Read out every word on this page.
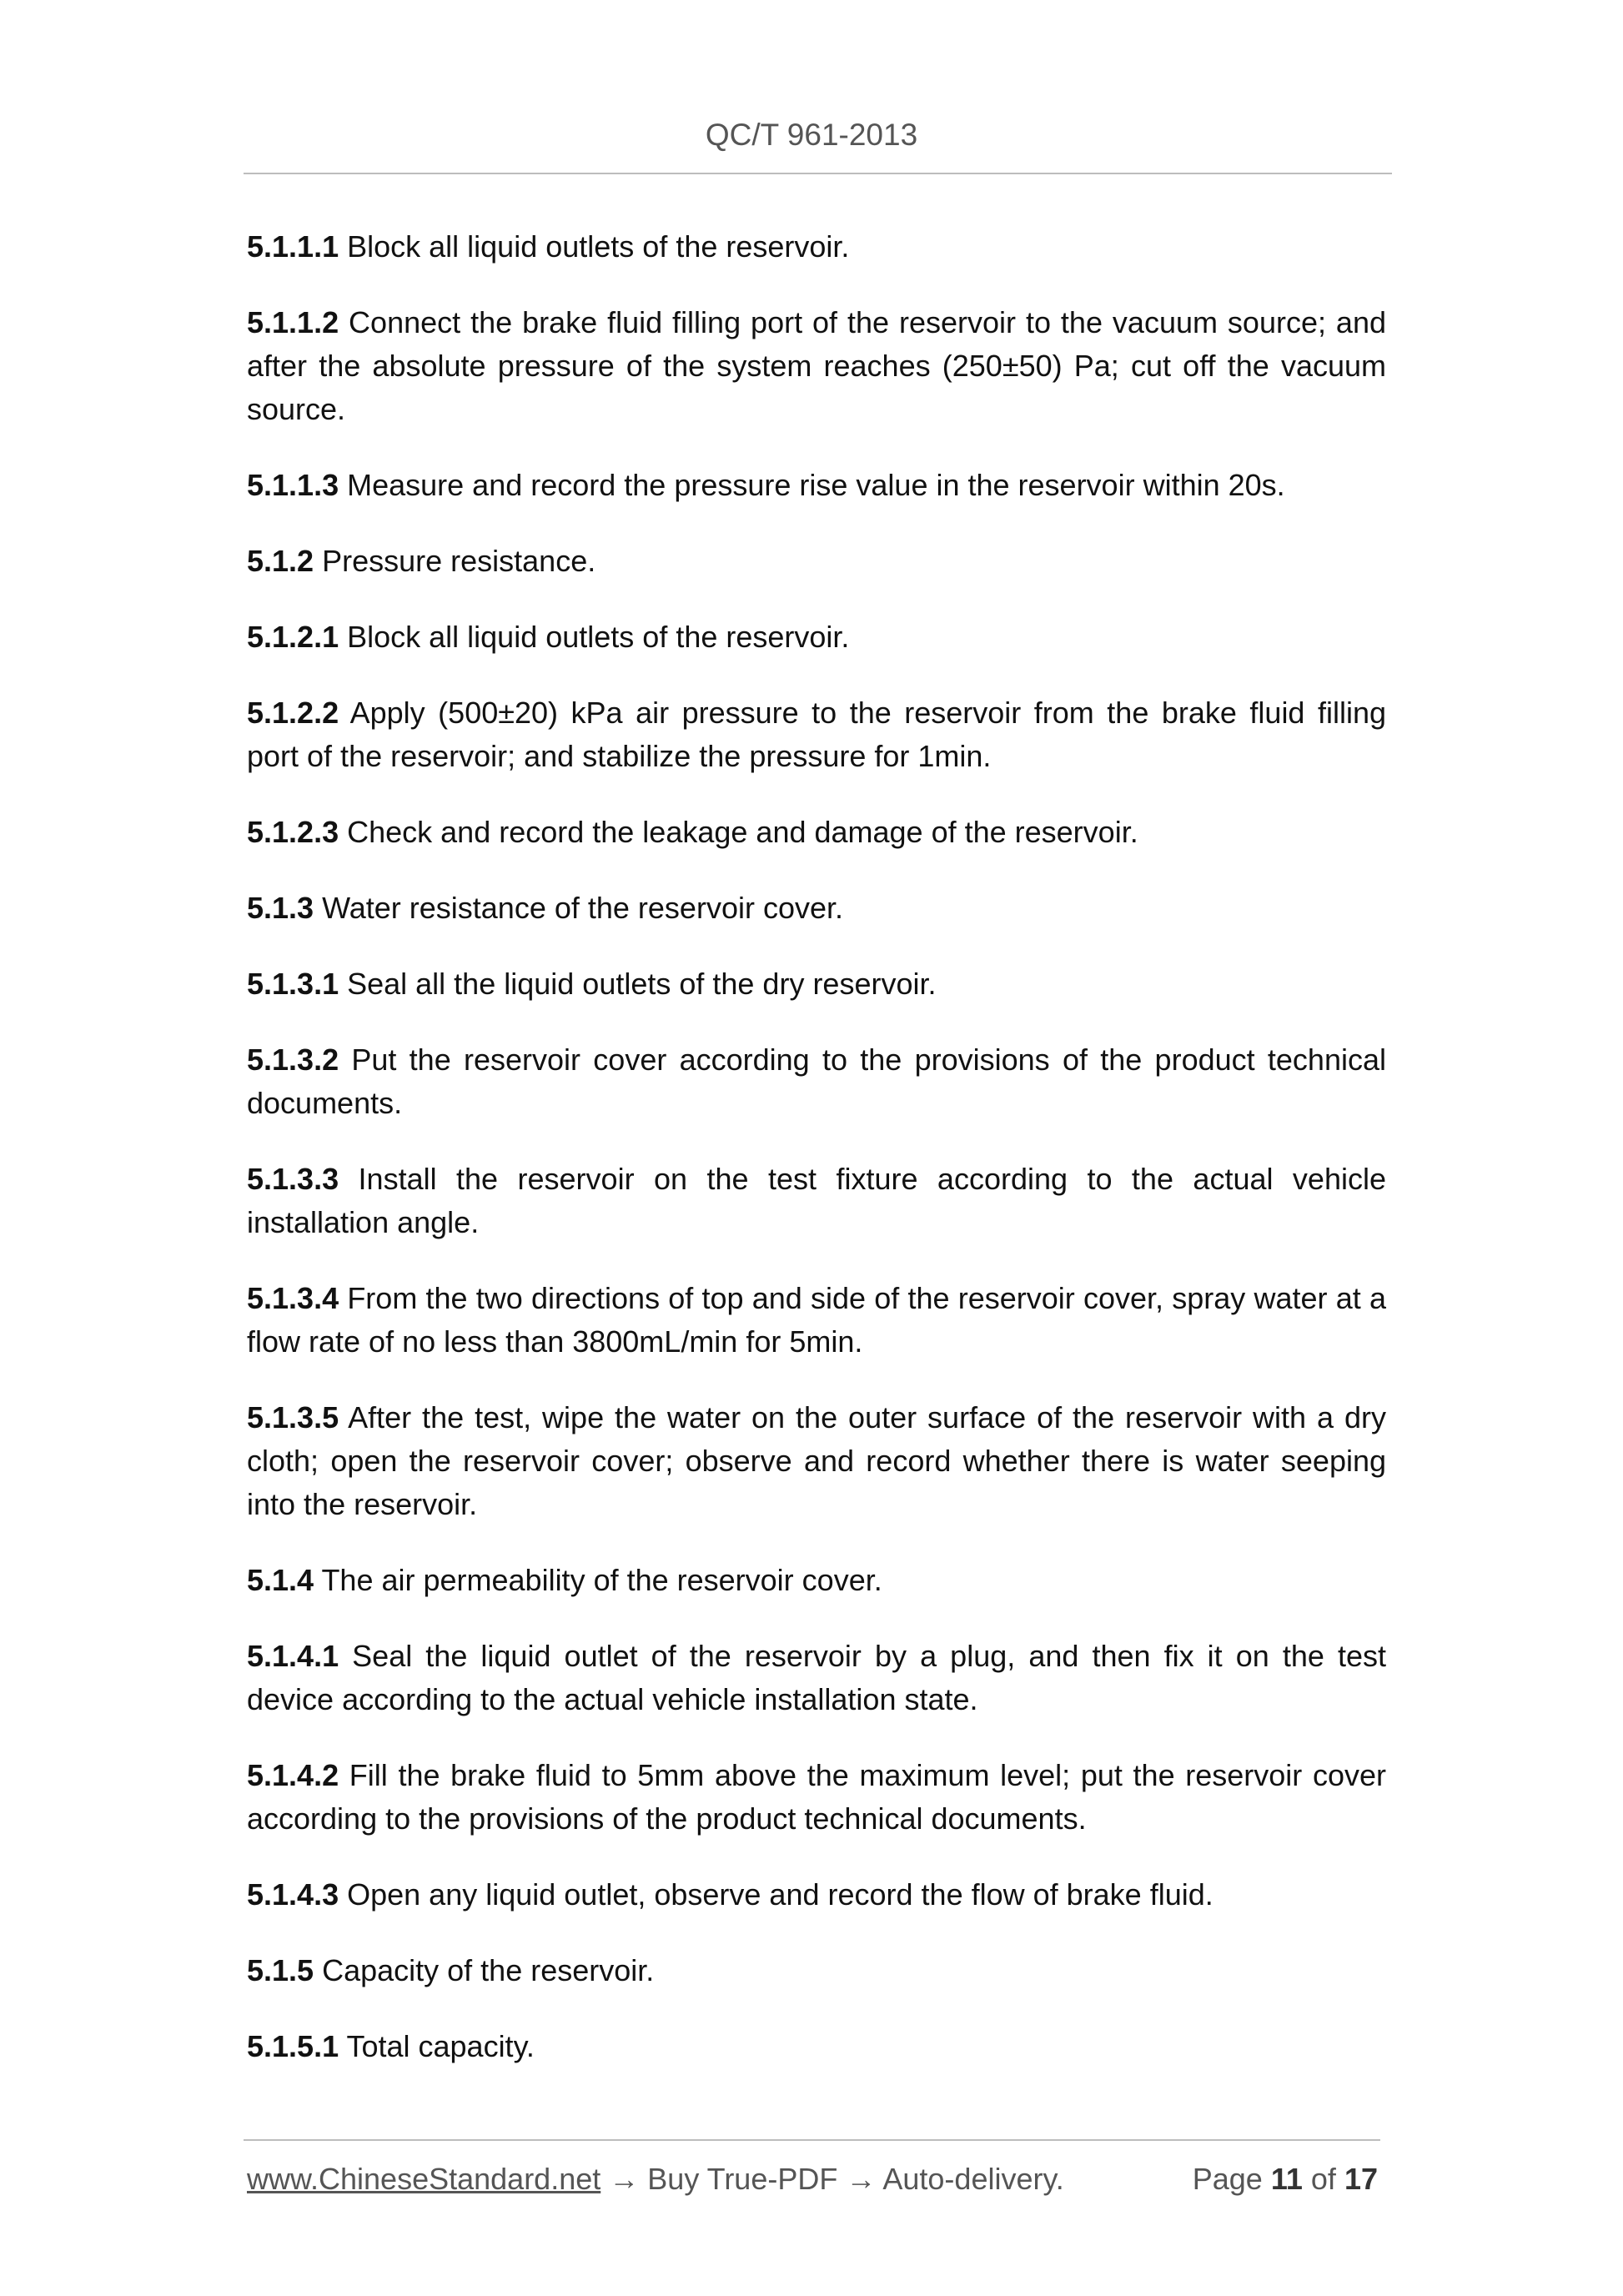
QC/T 961-2013

5.1.1.1 Block all liquid outlets of the reservoir.

5.1.1.2 Connect the brake fluid filling port of the reservoir to the vacuum source; and after the absolute pressure of the system reaches (250±50) Pa; cut off the vacuum source.

5.1.1.3 Measure and record the pressure rise value in the reservoir within 20s.

5.1.2 Pressure resistance.

5.1.2.1 Block all liquid outlets of the reservoir.

5.1.2.2 Apply (500±20) kPa air pressure to the reservoir from the brake fluid filling port of the reservoir; and stabilize the pressure for 1min.

5.1.2.3 Check and record the leakage and damage of the reservoir.

5.1.3 Water resistance of the reservoir cover.

5.1.3.1 Seal all the liquid outlets of the dry reservoir.

5.1.3.2 Put the reservoir cover according to the provisions of the product technical documents.

5.1.3.3 Install the reservoir on the test fixture according to the actual vehicle installation angle.

5.1.3.4 From the two directions of top and side of the reservoir cover, spray water at a flow rate of no less than 3800mL/min for 5min.

5.1.3.5 After the test, wipe the water on the outer surface of the reservoir with a dry cloth; open the reservoir cover; observe and record whether there is water seeping into the reservoir.

5.1.4 The air permeability of the reservoir cover.

5.1.4.1 Seal the liquid outlet of the reservoir by a plug, and then fix it on the test device according to the actual vehicle installation state.

5.1.4.2 Fill the brake fluid to 5mm above the maximum level; put the reservoir cover according to the provisions of the product technical documents.

5.1.4.3 Open any liquid outlet, observe and record the flow of brake fluid.

5.1.5 Capacity of the reservoir.

5.1.5.1 Total capacity.

www.ChineseStandard.net → Buy True-PDF → Auto-delivery.	Page 11 of 17
